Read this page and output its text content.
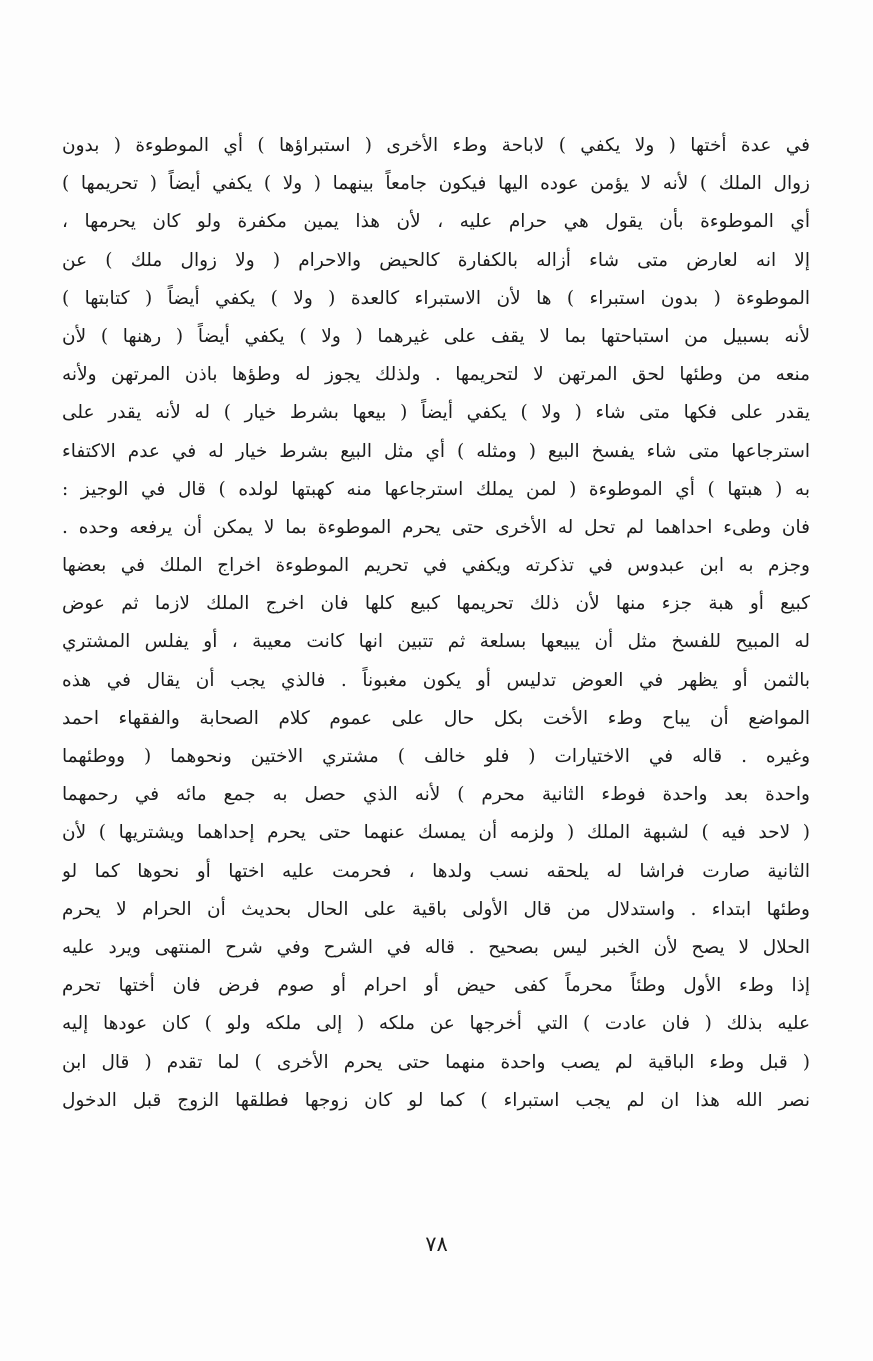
في عدة أختها ( ولا يكفي ) لاباحة وطء الأخرى ( استبراؤها ) أي الموطوءة ( بدون
زوال الملك ) لأنه لا يؤمن عوده اليها فيكون جامعاً بينهما ( ولا ) يكفي أيضاً ( تحريمها )
أي الموطوءة بأن يقول هي حرام عليه ، لأن هذا يمين مكفرة ولو كان يحرمها ،
إلا انه لعارض متى شاء أزاله بالكفارة كالحيض والاحرام ( ولا زوال ملك ) عن
الموطوءة ( بدون استبراء ) ها لأن الاستبراء كالعدة ( ولا ) يكفي أيضاً ( كتابتها )
لأنه بسبيل من استباحتها بما لا يقف على غيرهما ( ولا ) يكفي أيضاً ( رهنها ) لأن
منعه من وطئها لحق المرتهن لا لتحريمها . ولذلك يجوز له وطؤها باذن المرتهن ولأنه
يقدر على فكها متى شاء ( ولا ) يكفي أيضاً ( بيعها بشرط خيار ) له لأنه يقدر على
استرجاعها متى شاء يفسخ البيع ( ومثله ) أي مثل البيع بشرط خيار له في عدم الاكتفاء
به ( هبتها ) أي الموطوءة ( لمن يملك استرجاعها منه كهبتها لولده ) قال في الوجيز :
فان وطىء احداهما لم تحل له الأخرى حتى يحرم الموطوءة بما لا يمكن أن يرفعه وحده .
وجزم به ابن عبدوس في تذكرته ويكفي في تحريم الموطوءة اخراج الملك في بعضها
كبيع أو هبة جزء منها لأن ذلك تحريمها كبيع كلها فان اخرج الملك لازما ثم عوض
له المبيح للفسخ مثل أن يبيعها بسلعة ثم تتبين انها كانت معيبة ، أو يفلس المشتري
بالثمن أو يظهر في العوض تدليس أو يكون مغبوناً . فالذي يجب أن يقال في هذه
المواضع أن يباح وطء الأخت بكل حال على عموم كلام الصحابة والفقهاء احمد
وغيره . قاله في الاختيارات ( فلو خالف ) مشتري الاختين ونحوهما ( ووطئهما
واحدة بعد واحدة فوطء الثانية محرم ) لأنه الذي حصل به جمع مائه في رحمهما
( لاحد فيه ) لشبهة الملك ( ولزمه أن يمسك عنهما حتى يحرم إحداهما ويشتريها ) لأن
الثانية صارت فراشا له يلحقه نسب ولدها ، فحرمت عليه اختها أو نحوها كما لو
وطئها ابتداء . واستدلال من قال الأولى باقية على الحال بحديث أن الحرام لا يحرم
الحلال لا يصح لأن الخبر ليس بصحيح . قاله في الشرح وفي شرح المنتهى ويرد عليه
إذا وطء الأول وطئاً محرماً كفى حيض أو احرام أو صوم فرض فان أختها تحرم
عليه بذلك ( فان عادت ) التي أخرجها عن ملكه ( إلى ملكه ولو ) كان عودها إليه
( قبل وطء الباقية لم يصب واحدة منهما حتى يحرم الأخرى ) لما تقدم ( قال ابن
نصر الله هذا ان لم يجب استبراء ) كما لو كان زوجها فطلقها الزوج قبل الدخول
٧٨
